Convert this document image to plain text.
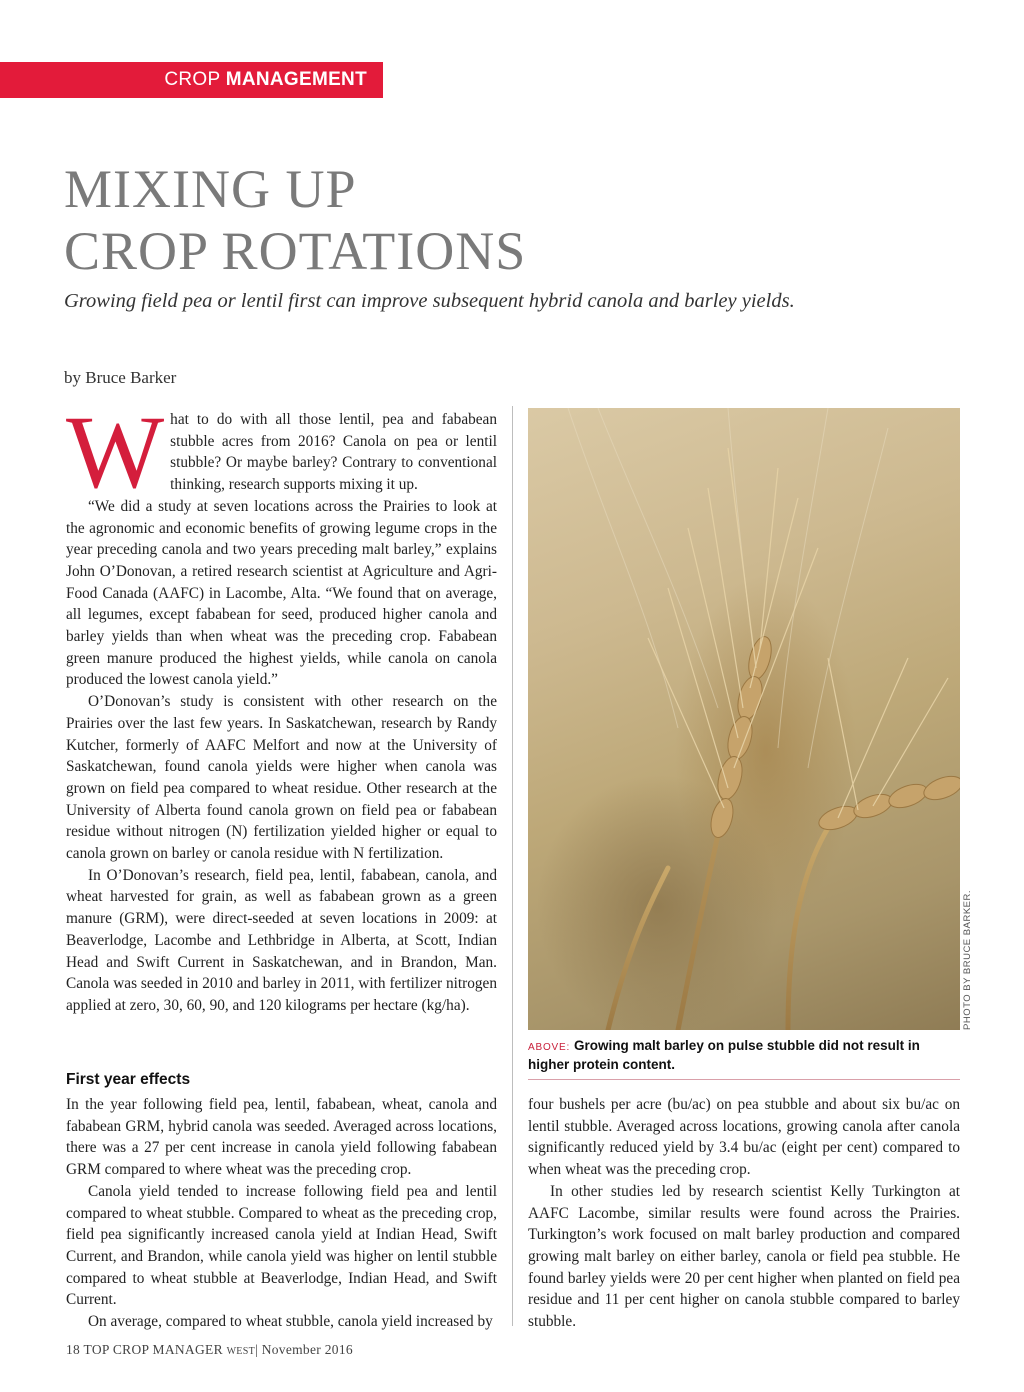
CROP MANAGEMENT
MIXING UP
CROP ROTATIONS

Growing field pea or lentil first can improve subsequent hybrid canola and barley yields.

by Bruce Barker

What to do with all those lentil, pea and fababean stubble acres from 2016? Canola on pea or lentil stubble? Or maybe barley? Contrary to conventional thinking, research supports mixing it up.

“We did a study at seven locations across the Prairies to look at the agronomic and economic benefits of growing legume crops in the year preceding canola and two years preceding malt barley,” explains John O’Donovan, a retired research scientist at Agriculture and Agri-Food Canada (AAFC) in Lacombe, Alta. “We found that on average, all legumes, except fababean for seed, produced higher canola and barley yields than when wheat was the preceding crop. Fababean green manure produced the highest yields, while canola on canola produced the lowest canola yield.”

O’Donovan’s study is consistent with other research on the Prairies over the last few years. In Saskatchewan, research by Randy Kutcher, formerly of AAFC Melfort and now at the University of Saskatchewan, found canola yields were higher when canola was grown on field pea compared to wheat residue. Other research at the University of Alberta found canola grown on field pea or fababean residue without nitrogen (N) fertilization yielded higher or equal to canola grown on barley or canola residue with N fertilization.

In O’Donovan’s research, field pea, lentil, fababean, canola, and wheat harvested for grain, as well as fababean grown as a green manure (GRM), were direct-seeded at seven locations in 2009: at Beaverlodge, Lacombe and Lethbridge in Alberta, at Scott, Indian Head and Swift Current in Saskatchewan, and in Brandon, Man. Canola was seeded in 2010 and barley in 2011, with fertilizer nitrogen applied at zero, 30, 60, 90, and 120 kilograms per hectare (kg/ha).	PHOTO BY BRUCE BARKER.
ABOVE: Growing malt barley on pulse stubble did not result in higher protein content.
First year effects

In the year following field pea, lentil, fababean, wheat, canola and fababean GRM, hybrid canola was seeded. Averaged across locations, there was a 27 per cent increase in canola yield following fababean GRM compared to where wheat was the preceding crop.

Canola yield tended to increase following field pea and lentil compared to wheat stubble. Compared to wheat as the preceding crop, field pea significantly increased canola yield at Indian Head, Swift Current, and Brandon, while canola yield was higher on lentil stubble compared to wheat stubble at Beaverlodge, Indian Head, and Swift Current.

On average, compared to wheat stubble, canola yield increased by

four bushels per acre (bu/ac) on pea stubble and about six bu/ac on lentil stubble. Averaged across locations, growing canola after canola significantly reduced yield by 3.4 bu/ac (eight per cent) compared to when wheat was the preceding crop.

In other studies led by research scientist Kelly Turkington at AAFC Lacombe, similar results were found across the Prairies. Turkington’s work focused on malt barley production and compared growing malt barley on either barley, canola or field pea stubble. He found barley yields were 20 per cent higher when planted on field pea residue and 11 per cent higher on canola stubble compared to barley stubble.

18 TOP CROP MANAGER WEST| November 2016
